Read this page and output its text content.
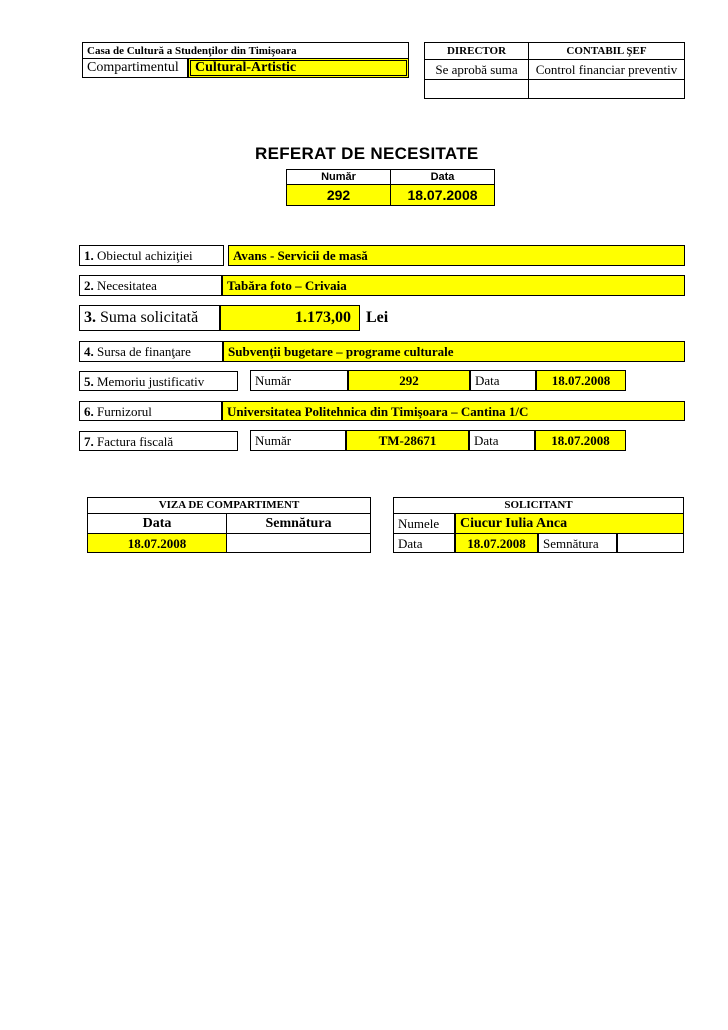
Casa de Cultură a Studenţilor din Timişoara
Compartimentul	Cultural-Artistic
DIRECTOR	CONTABIL ŞEF
Se aprobă suma	Control financiar preventiv
REFERAT DE NECESITATE
Număr	Data
292	18.07.2008
1.
Obiectul achiziţiei	Avans - Servicii de masă
2.
Necesitatea	Tabăra foto – Crivaia
3.
Suma solicitată	1.173,00 Lei
4.
Sursa de finanţare	Subvenţii bugetare – programe culturale
5.
Memoriu justificativ	Număr	292	Data	18.07.2008
6.
Furnizorul	Universitatea Politehnica din Timişoara – Cantina 1/C
7.
Factura fiscală	Număr	TM-28671	Data	18.07.2008
VIZA DE COMPARTIMENT
Data	Semnătura
18.07.2008
SOLICITANT
Numele	Ciucur Iulia Anca
Data	18.07.2008	Semnătura
